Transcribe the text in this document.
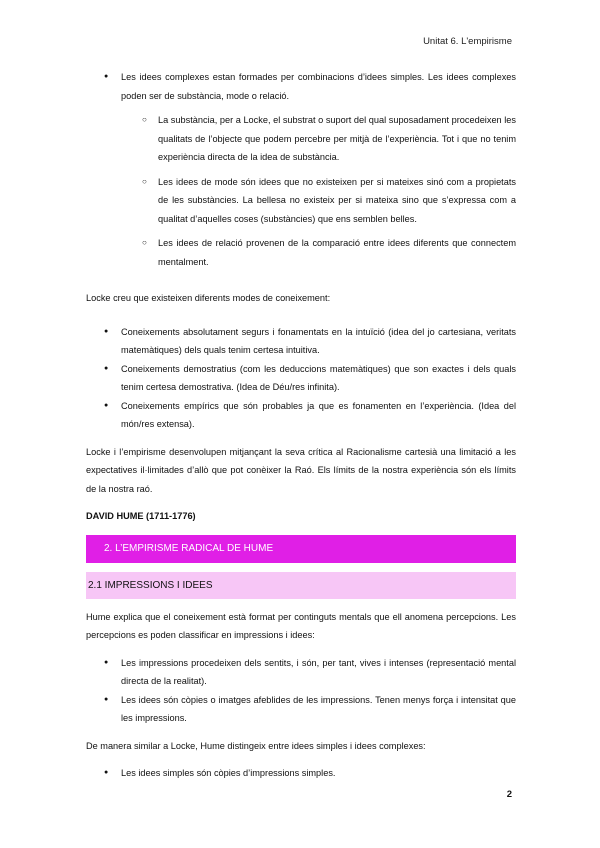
Unitat 6. L'empirisme
● Les idees complexes estan formades per combinacions d’idees simples. Les idees complexes poden ser de substància, mode o relació.
○ La substància, per a Locke, el substrat o suport del qual suposadament procedeixen les qualitats de l’objecte que podem percebre per mitjà de l’experiència. Tot i que no tenim experiència directa de la idea de substància.
○ Les idees de mode són idees que no existeixen per si mateixes sinó com a propietats de les substàncies. La bellesa no existeix per si mateixa sino que s’expressa com a qualitat d’aquelles coses (substàncies) que ens semblen belles.
○ Les idees de relació provenen de la comparació entre idees diferents que connectem mentalment.

Locke creu que existeixen diferents modes de coneixement:

● Coneixements absolutament segurs i fonamentats en la intuïció (idea del jo cartesiana, veritats matemàtiques) dels quals tenim certesa intuitiva.
● Coneixements demostratius (com les deduccions matemàtiques) que son exactes i dels quals tenim certesa demostrativa. (Idea de Déu/res infinita).
● Coneixements empírics que són probables ja que es fonamenten en l’experiència. (Idea del món/res extensa).

Locke i l’empirisme desenvolupen mitjançant la seva crítica al Racionalisme cartesià una limitació a les expectatives il·limitades d’allò que pot conèixer la Raó. Els límits de la nostra experiència són els límits de la nostra raó.

DAVID HUME (1711-1776)

2. L’EMPIRISME RADICAL DE HUME
2.1 IMPRESSIONS I IDEES

Hume explica que el coneixement està format per continguts mentals que ell anomena percepcions. Les percepcions es poden classificar en impressions i idees:

● Les impressions procedeixen dels sentits, i són, per tant, vives i intenses (representació mental directa de la realitat).
● Les idees són còpies o imatges afeblides de les impressions. Tenen menys força i intensitat que les impressions.

De manera similar a Locke, Hume distingeix entre idees simples i idees complexes:

● Les idees simples són còpies d’impressions simples.
2
